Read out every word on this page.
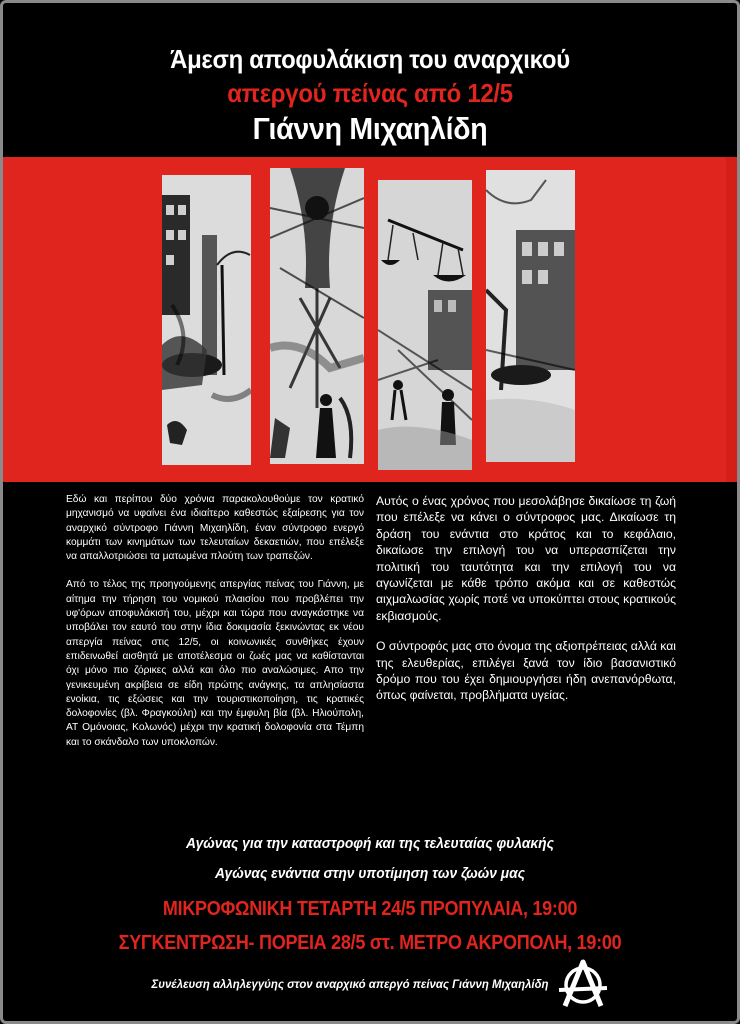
Άμεση αποφυλάκιση του αναρχικού
απεργού πείνας από 12/5
Γιάννη Μιχαηλίδη

Εδώ και περίπου δύο χρόνια παρακολουθούμε τον κρατικό μηχανισμό να υφαίνει ένα ιδιαίτερο καθεστώς εξαίρεσης για τον αναρχικό σύντροφο Γιάννη Μιχαηλίδη, έναν σύντροφο ενεργό κομμάτι των κινημάτων των τελευταίων δεκαετιών, που επέλεξε να απαλλοτριώσει τα ματωμένα πλούτη των τραπεζών.

Από το τέλος της προηγούμενης απεργίας πείνας του Γιάννη, με αίτημα την τήρηση του νομικού πλαισίου που προβλέπει την υφ'όρων αποφυλάκισή του, μέχρι και τώρα που αναγκάστηκε να υποβάλει τον εαυτό του στην ίδια δοκιμασία ξεκινώντας εκ νέου απεργία πείνας στις 12/5, οι κοινωνικές συνθήκες έχουν επιδεινωθεί αισθητά με αποτέλεσμα οι ζωές μας να καθίστανται όχι μόνο πιο ζόρικες αλλά και όλο πιο αναλώσιμες. Απο την γενικευμένη ακρίβεια σε είδη πρώτης ανάγκης, τα απλησίαστα ενοίκια, τις εξώσεις και την τουριστικοποίηση, τις κρατικές δολοφονίες (βλ. Φραγκούλη) και την έμφυλη βία (βλ. Ηλιούπολη, ΑΤ Ομόνοιας, Κολωνός) μέχρι την κρατική δολοφονία στα Τέμπη και το σκάνδαλο των υποκλοπών.

Αυτός ο ένας χρόνος που μεσολάβησε δικαίωσε τη ζωή που επέλεξε να κάνει ο σύντροφος μας. Δικαίωσε τη δράση του ενάντια στο κράτος και το κεφάλαιο, δικαίωσε την επιλογή του να υπερασπίζεται την πολιτική του ταυτότητα και την επιλογή του να αγωνίζεται με κάθε τρόπο ακόμα και σε καθεστώς αιχμαλωσίας χωρίς ποτέ να υποκύπτει στους κρατικούς εκβιασμούς.

Ο σύντροφός μας στο όνομα της αξιοπρέπειας αλλά και της ελευθερίας, επιλέγει ξανά τον ίδιο βασανιστικό δρόμο που του έχει δημιουργήσει ήδη ανεπανόρθωτα, όπως φαίνεται, προβλήματα υγείας.

Αγώνας για την καταστροφή και της τελευταίας φυλακής
Αγώνας ενάντια στην υποτίμηση των ζωών μας
ΜΙΚΡΟΦΩΝΙΚΗ ΤΕΤΑΡΤΗ 24/5 ΠΡΟΠΥΛΑΙΑ, 19:00
ΣΥΓΚΕΝΤΡΩΣΗ- ΠΟΡΕΙΑ 28/5 στ. ΜΕΤΡΟ ΑΚΡΟΠΟΛΗ, 19:00
Συνέλευση αλληλεγγύης στον αναρχικό απεργό πείνας Γιάννη Μιχαηλίδη
